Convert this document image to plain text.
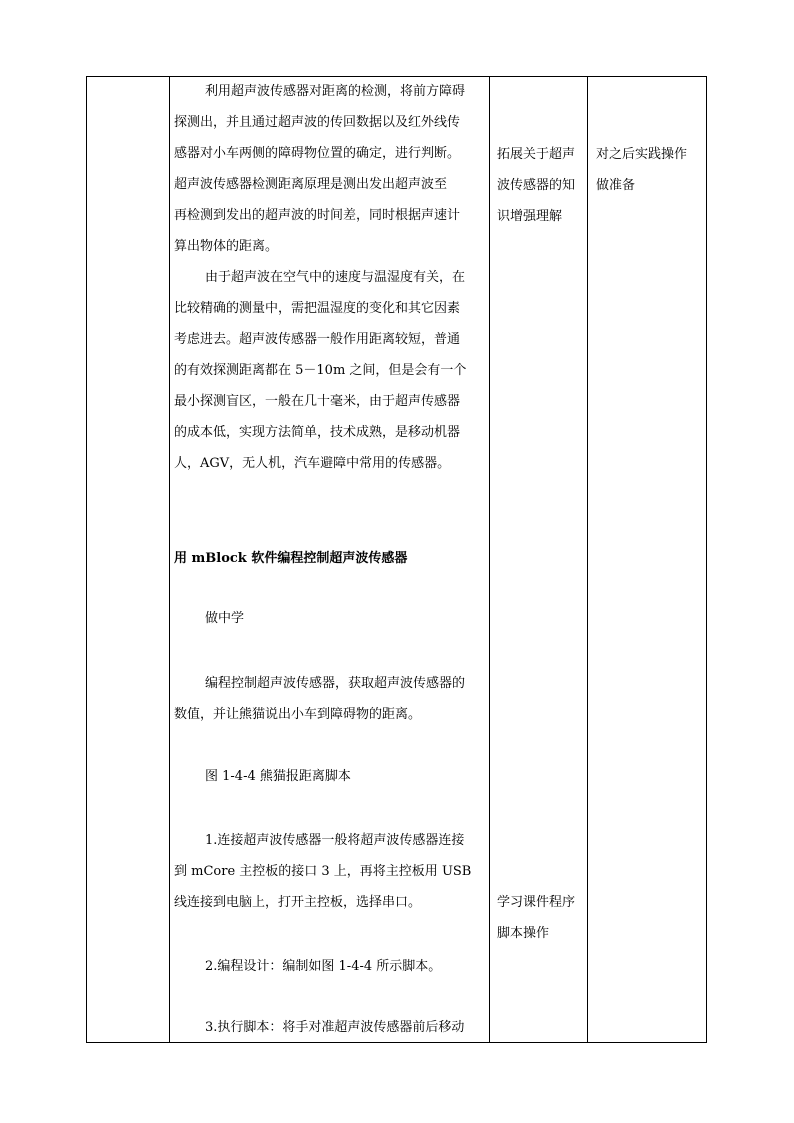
利用超声波传感器对距离的检测，将前方障碍
探测出，并且通过超声波的传回数据以及红外线传
感器对小车两侧的障碍物位置的确定，进行判断。
超声波传感器检测距离原理是测出发出超声波至
再检测到发出的超声波的时间差，同时根据声速计
算出物体的距离。
由于超声波在空气中的速度与温湿度有关，在
比较精确的测量中，需把温湿度的变化和其它因素
考虑进去。超声波传感器一般作用距离较短，普通
的有效探测距离都在 5－10m 之间，但是会有一个
最小探测盲区，一般在几十毫米，由于超声传感器
的成本低，实现方法简单，技术成熟，是移动机器
人，AGV，无人机，汽车避障中常用的传感器。
用 mBlock 软件编程控制超声波传感器
做中学
编程控制超声波传感器，获取超声波传感器的
数值，并让熊猫说出小车到障碍物的距离。
图 1-4-4 熊猫报距离脚本
1.连接超声波传感器一般将超声波传感器连接
到 mCore 主控板的接口 3 上，再将主控板用 USB
线连接到电脑上，打开主控板，选择串口。
2.编程设计：编制如图 1-4-4 所示脚本。
3.执行脚本：将手对准超声波传感器前后移动
拓展关于超声
波传感器的知
识增强理解
学习课件程序
脚本操作
对之后实践操作
做准备
